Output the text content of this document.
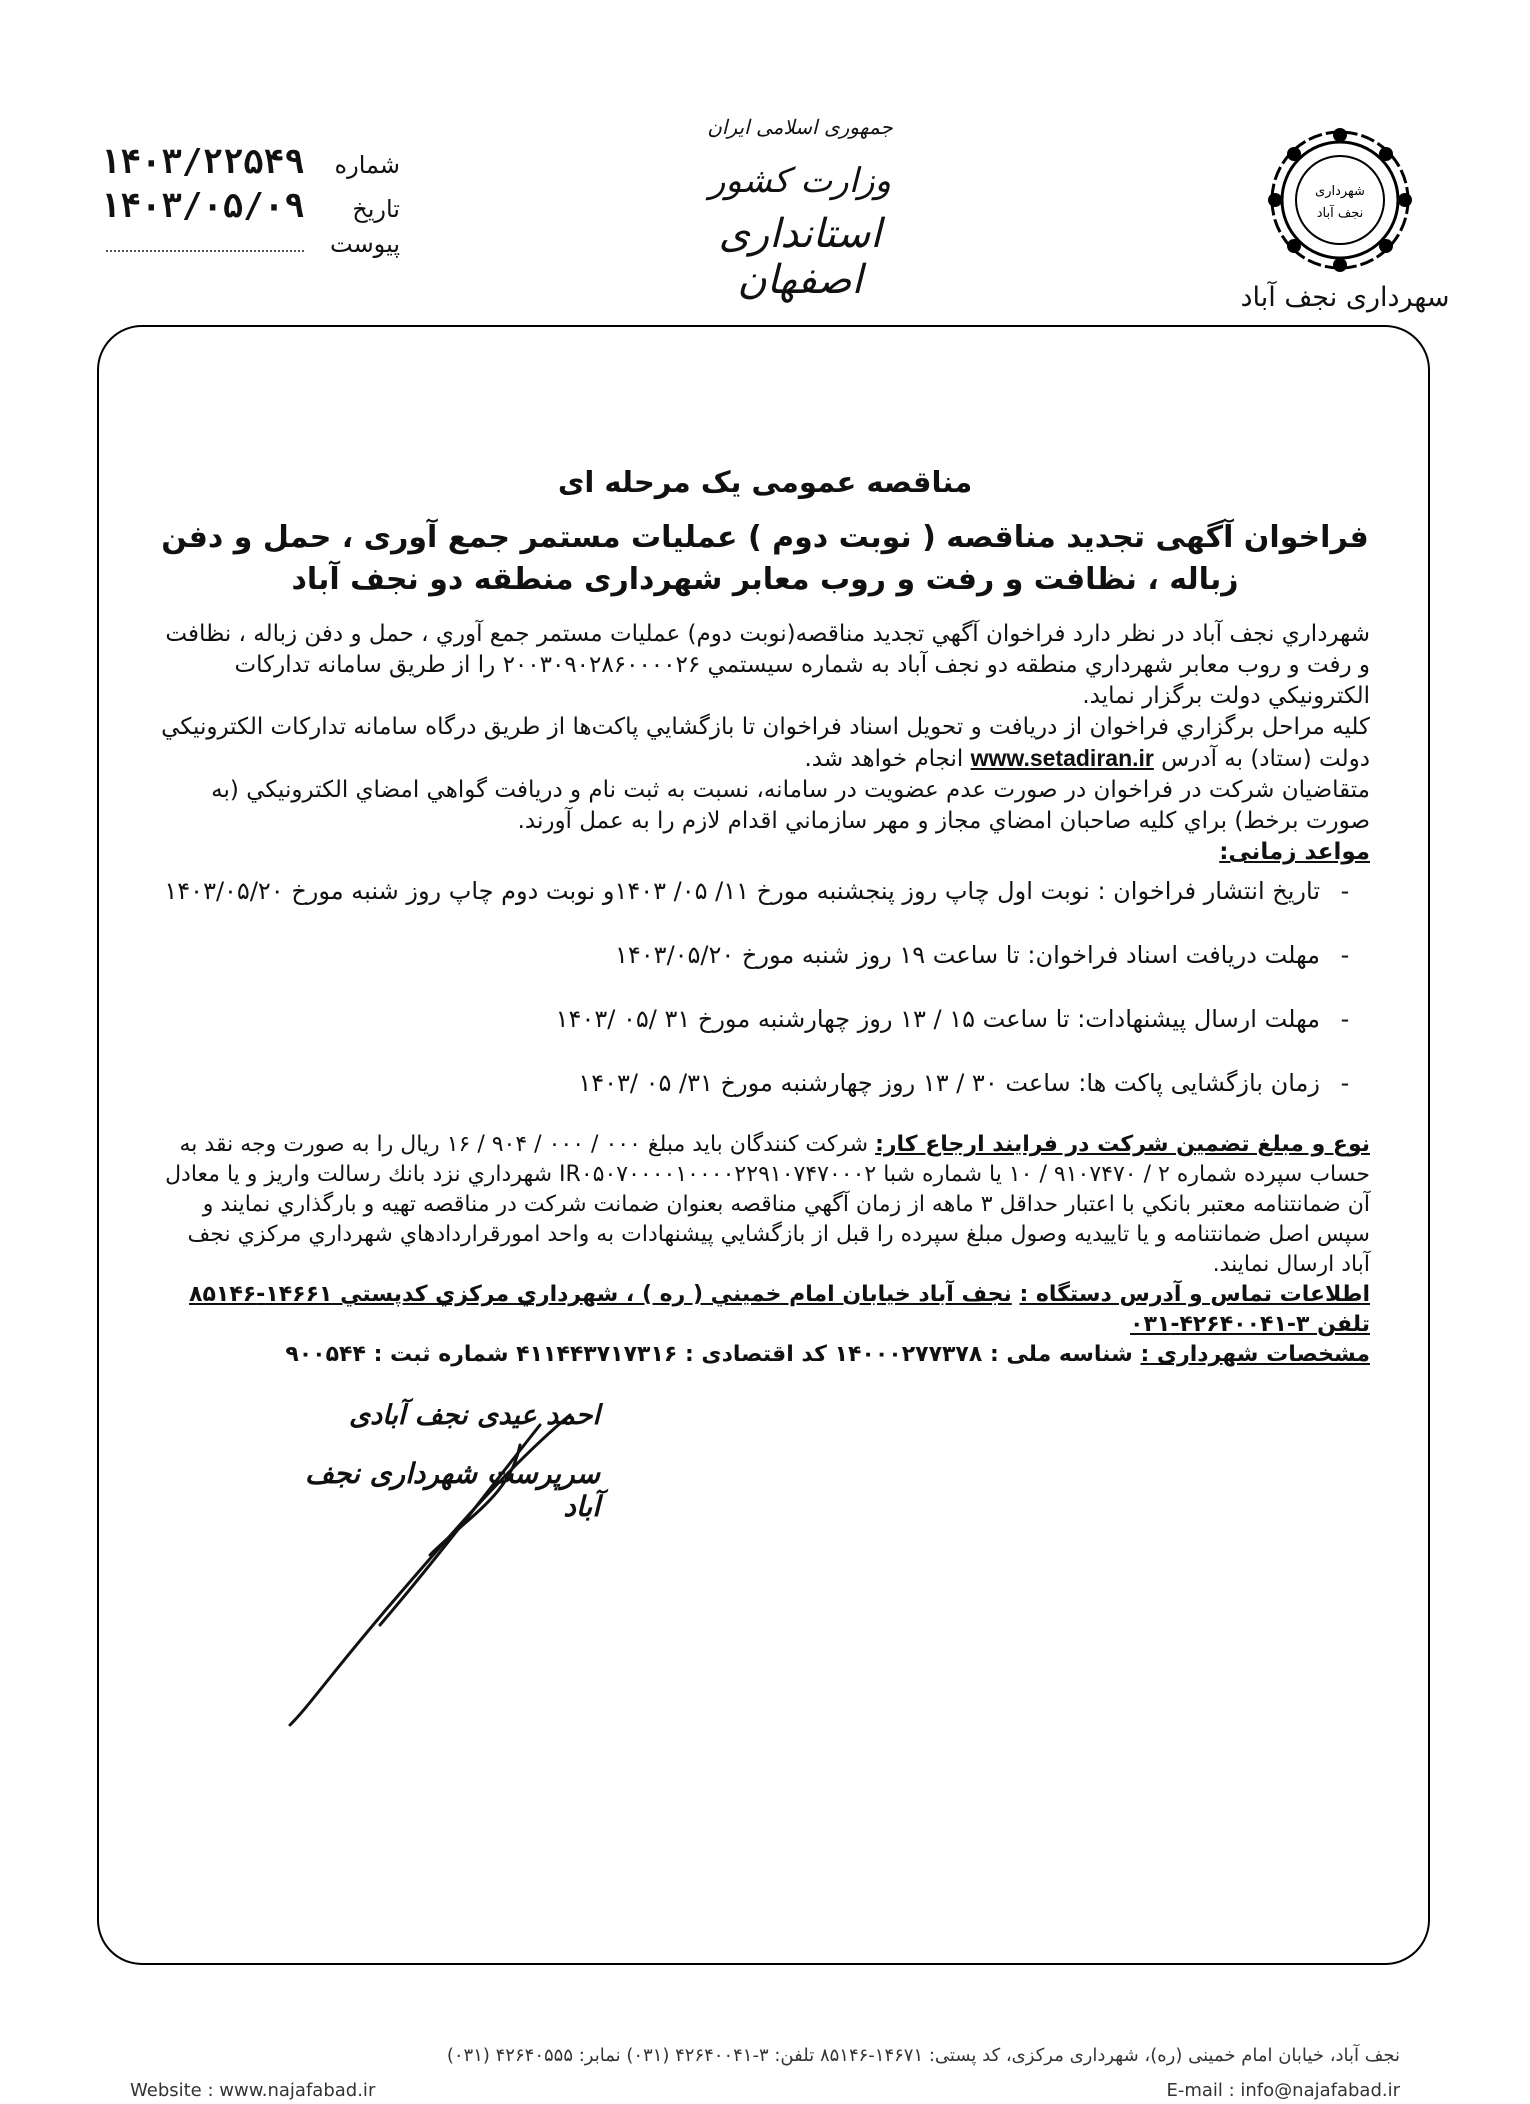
شهرداری
نجف آباد
سهرداری نجف آباد
جمهوری اسلامی ایران
وزارت کشور
استانداری اصفهان
شماره
۱۴۰۳/۲۲۵۴۹
تاریخ
۱۴۰۳/۰۵/۰۹
پیوست
مناقصه عمومی یک مرحله ای
فراخوان آگهی تجدید مناقصه ( نوبت دوم ) عملیات مستمر جمع آوری ، حمل و دفن زباله ، نظافت و رفت و روب معابر شهرداری منطقه دو نجف آباد

شهرداري نجف آباد در نظر دارد فراخوان آگهي تجديد مناقصه(نوبت دوم) عمليات مستمر جمع آوري ، حمل و دفن زباله ، نظافت و رفت و روب معابر شهرداري منطقه دو نجف آباد به شماره سيستمي ۲۰۰۳۰۹۰۲۸۶۰۰۰۰۲۶ را از طريق سامانه تداركات الكترونيكي دولت برگزار نمايد.

كليه مراحل برگزاري فراخوان از دريافت و تحويل اسناد فراخوان تا بازگشايي پاكت‌ها از طريق درگاه سامانه تداركات الكترونيكي دولت (ستاد) به آدرس www.setadiran.ir انجام خواهد شد.

متقاضيان شركت در فراخوان در صورت عدم عضويت در سامانه، نسبت به ثبت نام و دريافت گواهي امضاي الكترونيكي (به صورت برخط) براي كليه صاحبان امضاي مجاز و مهر سازماني اقدام لازم را به عمل آورند.

مواعد زمانی:

-
تاریخ انتشار فراخوان : نوبت اول چاپ روز پنجشنبه مورخ ۱۱/ ۰۵/ ۱۴۰۳و نوبت دوم چاپ روز شنبه مورخ ۱۴۰۳/۰۵/۲۰
-
مهلت دریافت اسناد فراخوان: تا ساعت ۱۹ روز شنبه مورخ ۱۴۰۳/۰۵/۲۰
-
مهلت ارسال پیشنهادات: تا ساعت ۱۵ / ۱۳ روز چهارشنبه مورخ ۳۱ /۰۵ /۱۴۰۳
-
زمان بازگشایی پاکت ها: ساعت ۳۰ / ۱۳ روز چهارشنبه مورخ ۳۱/ ۰۵ /۱۴۰۳

نوع و مبلغ تضمين شركت در فرايند ارجاع كار: شركت كنندگان بايد مبلغ ۰۰۰ / ۰۰۰ / ۹۰۴ / ۱۶ ريال را به صورت وجه نقد به حساب سپرده شماره ۲ / ۹۱۰۷۴۷۰ / ۱۰ يا شماره شبا IR۰۵۰۷۰۰۰۰۱۰۰۰۰۲۲۹۱۰۷۴۷۰۰۰۲ شهرداري نزد بانك رسالت واريز و يا معادل آن ضمانتنامه معتبر بانكي با اعتبار حداقل ۳ ماهه از زمان آگهي مناقصه بعنوان ضمانت شركت در مناقصه تهيه و بارگذاري نمايند و سپس اصل ضمانتنامه و يا تاييديه وصول مبلغ سپرده را قبل از بازگشايي پيشنهادات به واحد امورقراردادهاي شهرداري مركزي نجف آباد ارسال نمايند.

اطلاعات تماس و آدرس دستگاه : نجف آباد خيابان امام خميني ( ره ) ، شهرداري مركزي كدپستي ۱۴۶۶۱-۸۵۱۴۶ تلفن ۳-۴۲۶۴۰۰۴۱-۰۳۱

مشخصات شهرداری : شناسه ملی : ۱۴۰۰۰۲۷۷۳۷۸ کد اقتصادی : ۴۱۱۴۴۳۷۱۷۳۱۶ شماره ثبت : ۹۰۰۵۴۴

احمد عیدی نجف آبادی
سرپرست شهرداری نجف آباد
نجف آباد، خیابان امام خمینی (ره)، شهرداری مرکزی، کد پستی: ۱۴۶۷۱-۸۵۱۴۶ تلفن: ۳-۴۲۶۴۰۰۴۱ (۰۳۱) نمابر: ۴۲۶۴۰۵۵۵ (۰۳۱)
E-mail : info@najafabad.ir
Website : www.najafabad.ir
